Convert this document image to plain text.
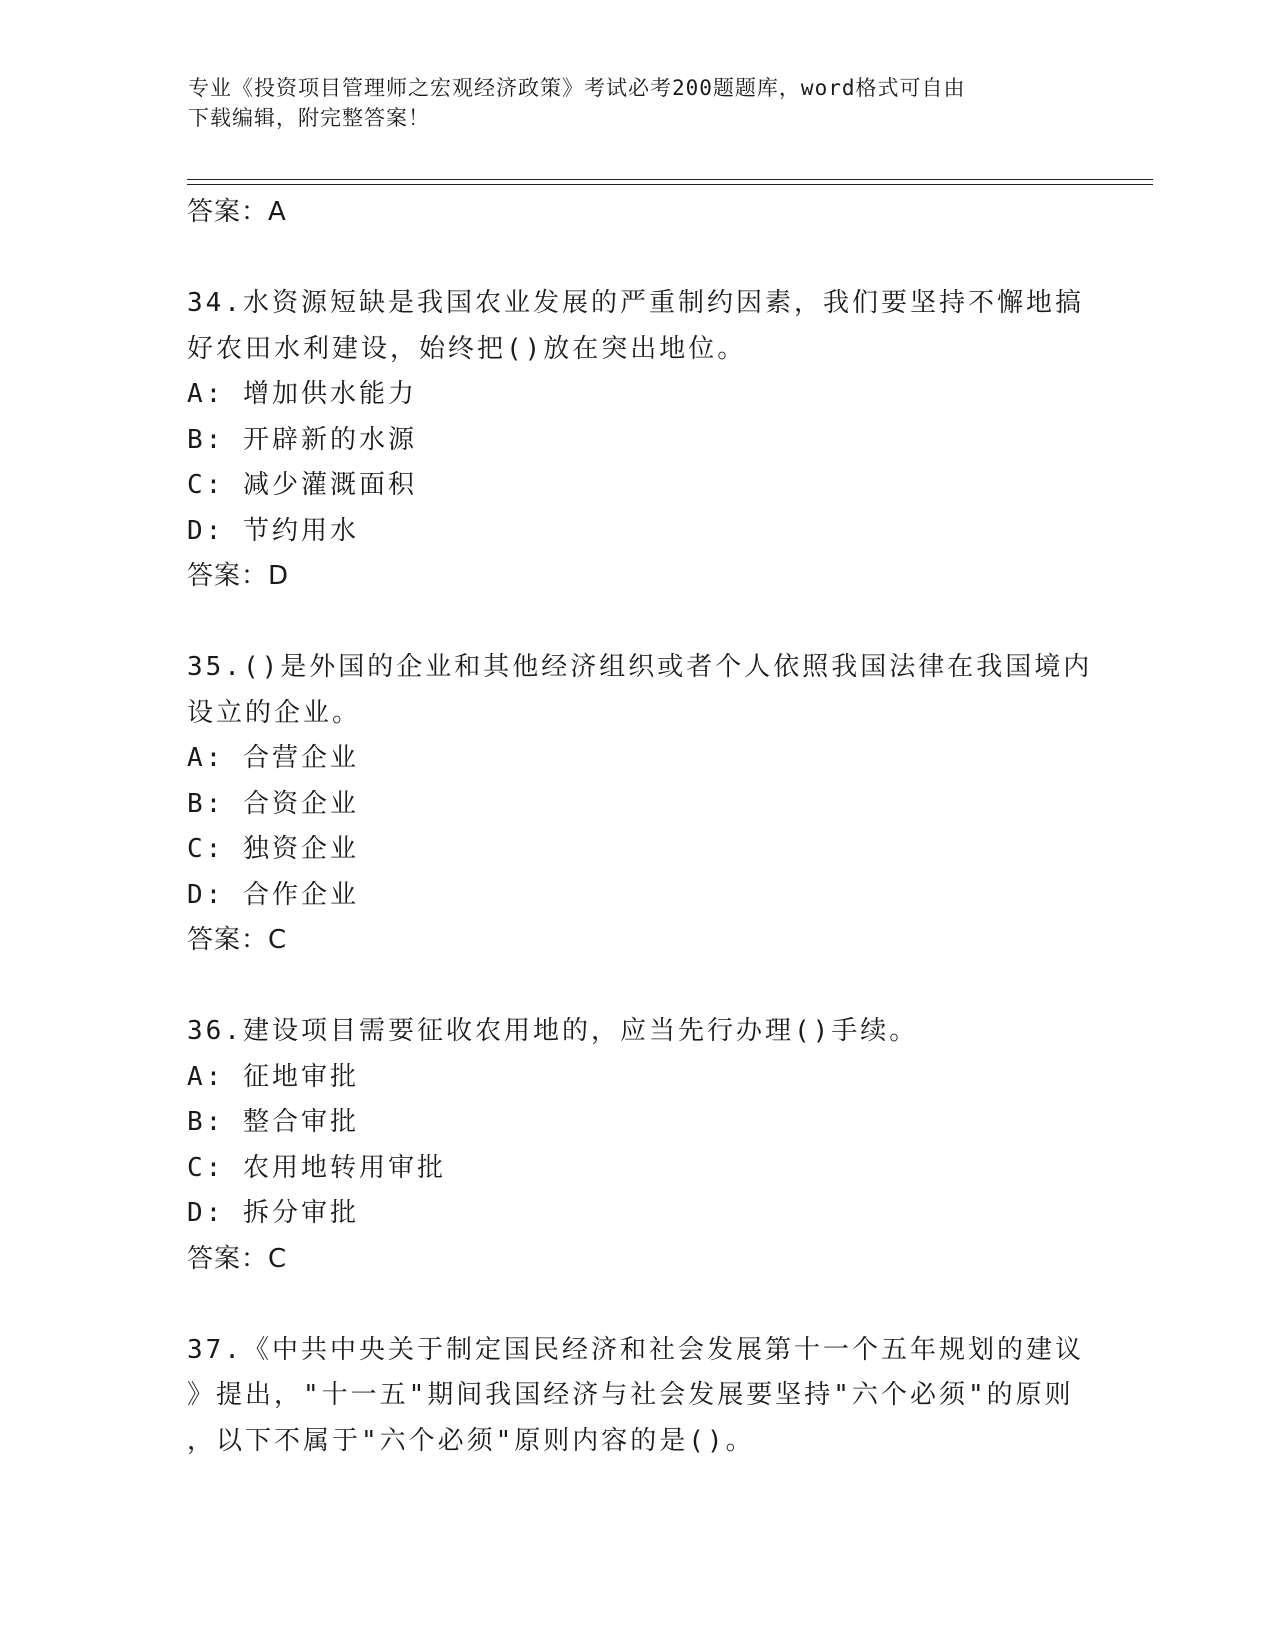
专业《投资项目管理师之宏观经济政策》考试必考200题题库，word格式可自由
下载编辑，附完整答案！
答案：A
34.水资源短缺是我国农业发展的严重制约因素，我们要坚持不懈地搞
好农田水利建设，始终把()放在突出地位。
A: 增加供水能力
B: 开辟新的水源
C: 减少灌溉面积
D: 节约用水
答案：D
35.()是外国的企业和其他经济组织或者个人依照我国法律在我国境内
设立的企业。
A: 合营企业
B: 合资企业
C: 独资企业
D: 合作企业
答案：C
36.建设项目需要征收农用地的，应当先行办理()手续。
A: 征地审批
B: 整合审批
C: 农用地转用审批
D: 拆分审批
答案：C
37.《中共中央关于制定国民经济和社会发展第十一个五年规划的建议
》提出，"十一五"期间我国经济与社会发展要坚持"六个必须"的原则
，以下不属于"六个必须"原则内容的是()。
